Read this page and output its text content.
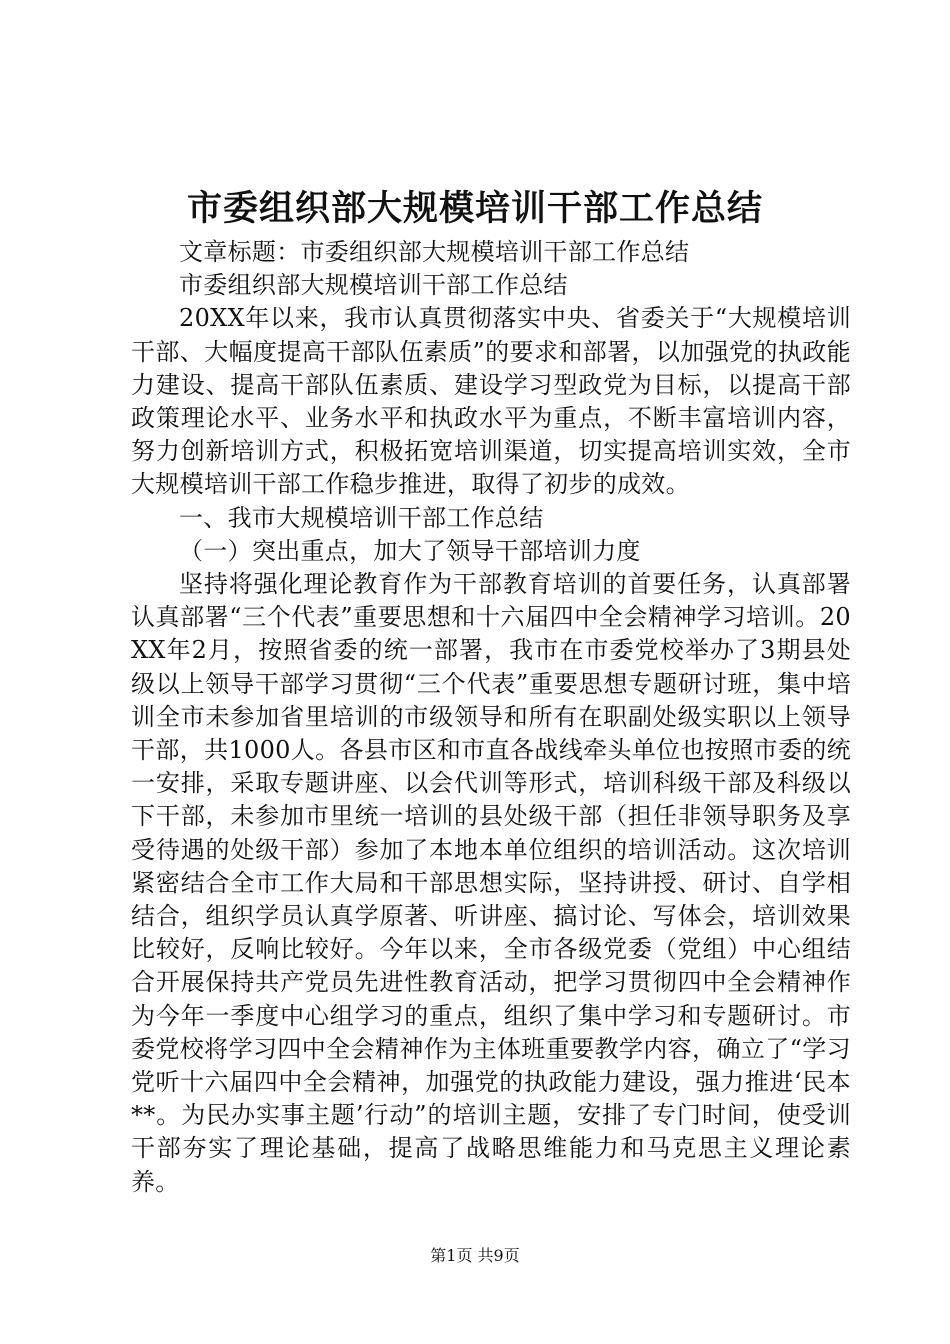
市委组织部大规模培训干部工作总结

文章标题：市委组织部大规模培训干部工作总结

市委组织部大规模培训干部工作总结

20XX年以来，我市认真贯彻落实中央、省委关于“大规模培训干部、大幅度提高干部队伍素质”的要求和部署，以加强党的执政能力建设、提高干部队伍素质、建设学习型政党为目标，以提高干部政策理论水平、业务水平和执政水平为重点，不断丰富培训内容，努力创新培训方式，积极拓宽培训渠道，切实提高培训实效，全市大规模培训干部工作稳步推进，取得了初步的成效。

一、我市大规模培训干部工作总结

（一）突出重点，加大了领导干部培训力度

坚持将强化理论教育作为干部教育培训的首要任务，认真部署认真部署“三个代表”重要思想和十六届四中全会精神学习培训。20XX年2月，按照省委的统一部署，我市在市委党校举办了3期县处级以上领导干部学习贯彻“三个代表”重要思想专题研讨班，集中培训全市未参加省里培训的市级领导和所有在职副处级实职以上领导干部，共1000人。各县市区和市直各战线牵头单位也按照市委的统一安排，采取专题讲座、以会代训等形式，培训科级干部及科级以下干部，未参加市里统一培训的县处级干部（担任非领导职务及享受待遇的处级干部）参加了本地本单位组织的培训活动。这次培训紧密结合全市工作大局和干部思想实际，坚持讲授、研讨、自学相结合，组织学员认真学原著、听讲座、搞讨论、写体会，培训效果比较好，反响比较好。今年以来，全市各级党委（党组）中心组结合开展保持共产党员先进性教育活动，把学习贯彻四中全会精神作为今年一季度中心组学习的重点，组织了集中学习和专题研讨。市委党校将学习四中全会精神作为主体班重要教学内容，确立了“学习党听十六届四中全会精神，加强党的执政能力建设，强力推进‘民本**。为民办实事主题’行动”的培训主题，安排了专门时间，使受训干部夯实了理论基础，提高了战略思维能力和马克思主义理论素养。

第1页 共9页
